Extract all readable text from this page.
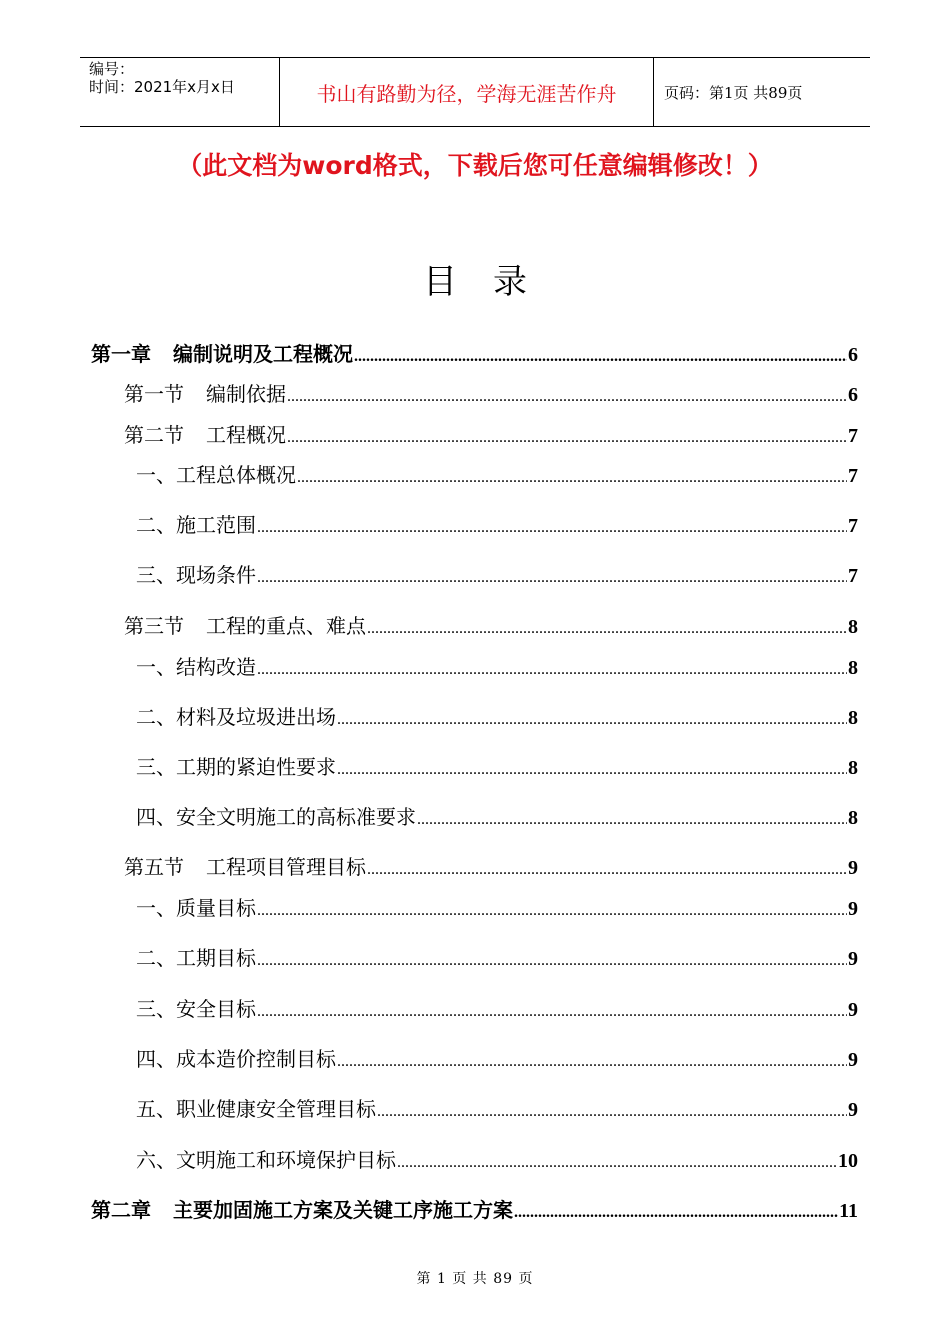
编号：
时间：2021年x月x日	书山有路勤为径，学海无涯苦作舟	页码：第1页 共89页
（此文档为word格式，下载后您可任意编辑修改！）
目录
第一章 编制说明及工程概况 .....	6
第一节 编制依据 .....	6
第二节 工程概况 .....	7
一、工程总体概况 .....	7
二、施工范围 .....	7
三、现场条件 .....	7
第三节 工程的重点、难点 .....	8
一、结构改造 .....	8
二、材料及垃圾进出场 .....	8
三、工期的紧迫性要求 .....	8
四、安全文明施工的高标准要求 .....	8
第五节 工程项目管理目标 .....	9
一、质量目标 .....	9
二、工期目标 .....	9
三、安全目标 .....	9
四、成本造价控制目标 .....	9
五、职业健康安全管理目标 .....	9
六、文明施工和环境保护目标 .....	10
第二章 主要加固施工方案及关键工序施工方案 .....	11
第 1 页 共 89 页
